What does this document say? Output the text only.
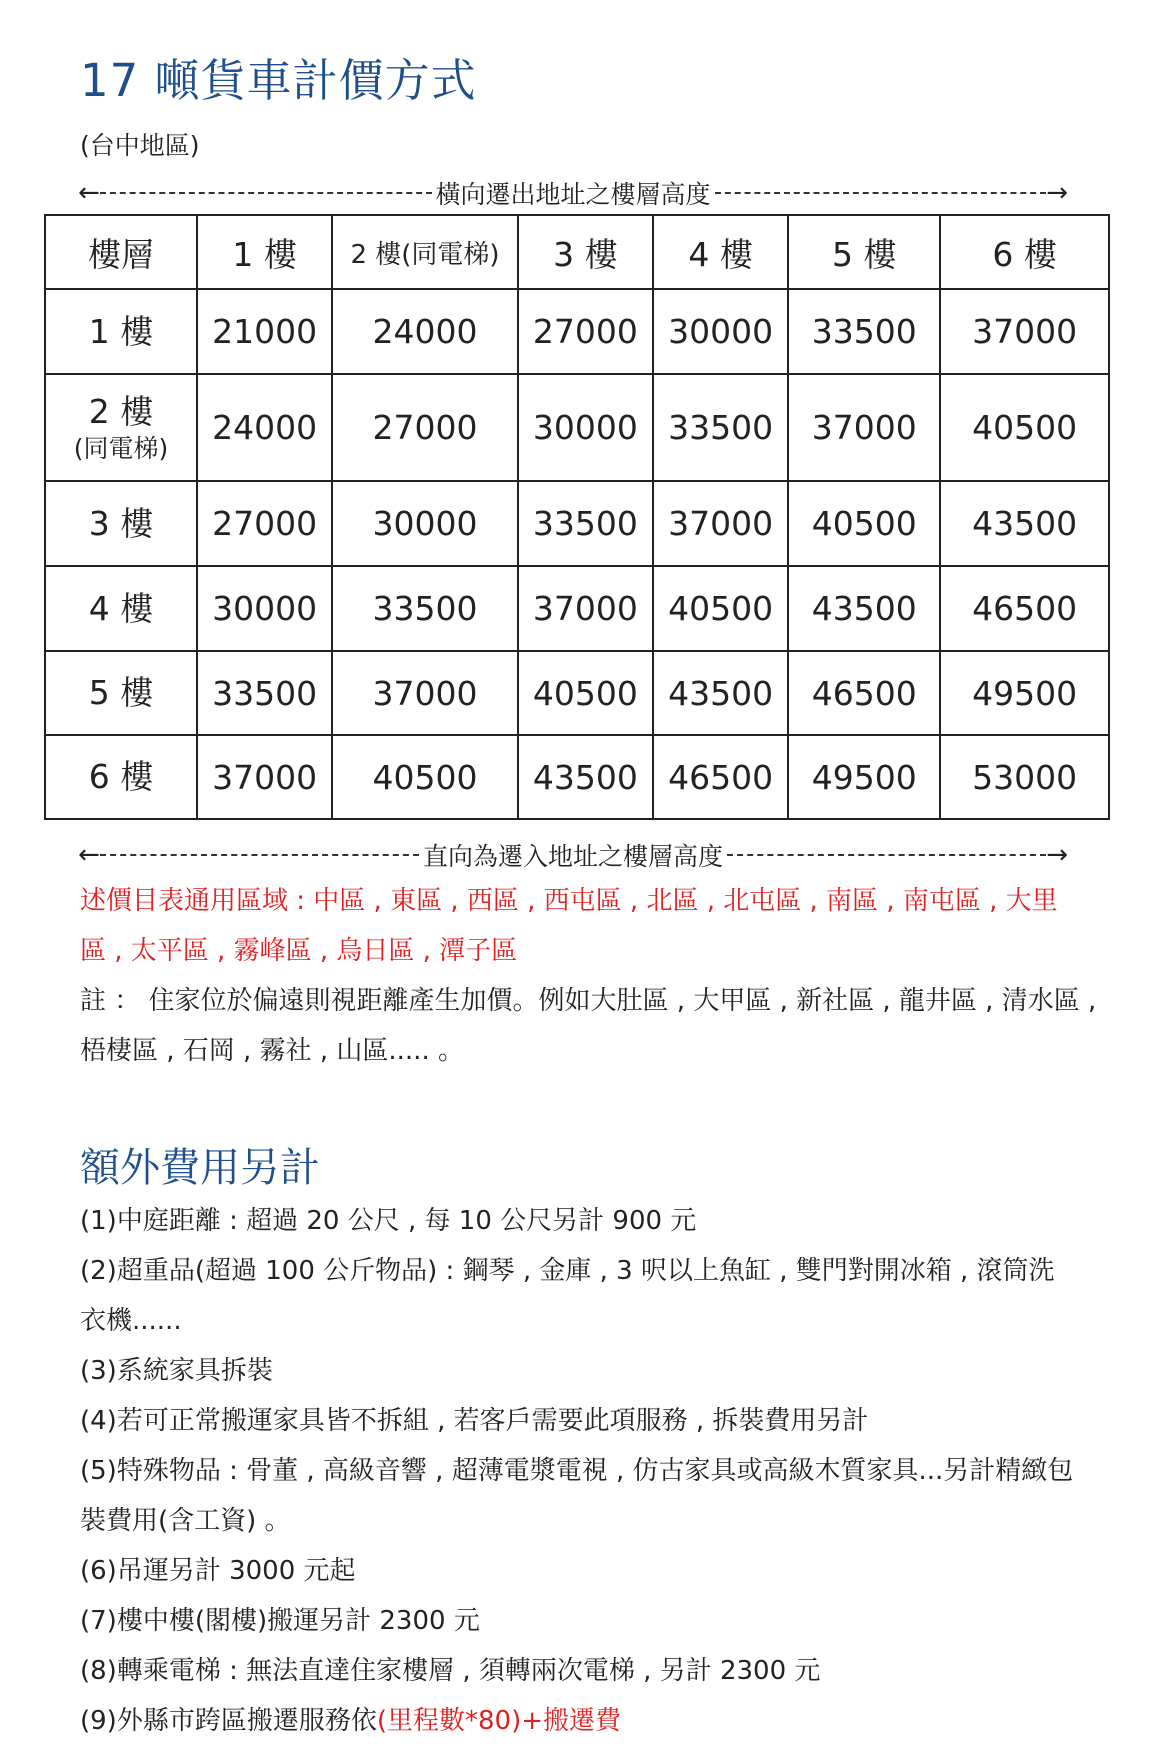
17 噸貨車計價方式
(台中地區)
←	橫向遷出地址之樓層高度	→
樓層	1 樓	2 樓(同電梯)	3 樓	4 樓	5 樓	6 樓
1 樓	21000	24000	27000	30000	33500	37000
2 樓
(同電梯)	24000	27000	30000	33500	37000	40500
3 樓	27000	30000	33500	37000	40500	43500
4 樓	30000	33500	37000	40500	43500	46500
5 樓	33500	37000	40500	43500	46500	49500
6 樓	37000	40500	43500	46500	49500	53000
←	直向為遷入地址之樓層高度	→
述價目表通用區域 : 中區 , 東區 , 西區 , 西屯區 , 北區 , 北屯區 , 南區 , 南屯區 , 大里區 , 太平區 , 霧峰區 , 烏日區 , 潭子區
註 ： 住家位於偏遠則視距離產生加價。例如大肚區 , 大甲區 , 新社區 , 龍井區 , 清水區 , 梧棲區 , 石岡 , 霧社 , 山區..... 。
額外費用另計

(1)中庭距離 : 超過 20 公尺 , 每 10 公尺另計 900 元

(2)超重品(超過 100 公斤物品) : 鋼琴 , 金庫 , 3 呎以上魚缸 , 雙門對開冰箱 , 滾筒洗衣機......

(3)系統家具拆裝

(4)若可正常搬運家具皆不拆組 , 若客戶需要此項服務 , 拆裝費用另計

(5)特殊物品 : 骨董 , 高級音響 , 超薄電漿電視 , 仿古家具或高級木質家具...另計精緻包裝費用(含工資) 。

(6)吊運另計 3000 元起

(7)樓中樓(閣樓)搬運另計 2300 元

(8)轉乘電梯 : 無法直達住家樓層 , 須轉兩次電梯 , 另計 2300 元

(9)外縣市跨區搬遷服務依(里程數*80)+搬遷費
